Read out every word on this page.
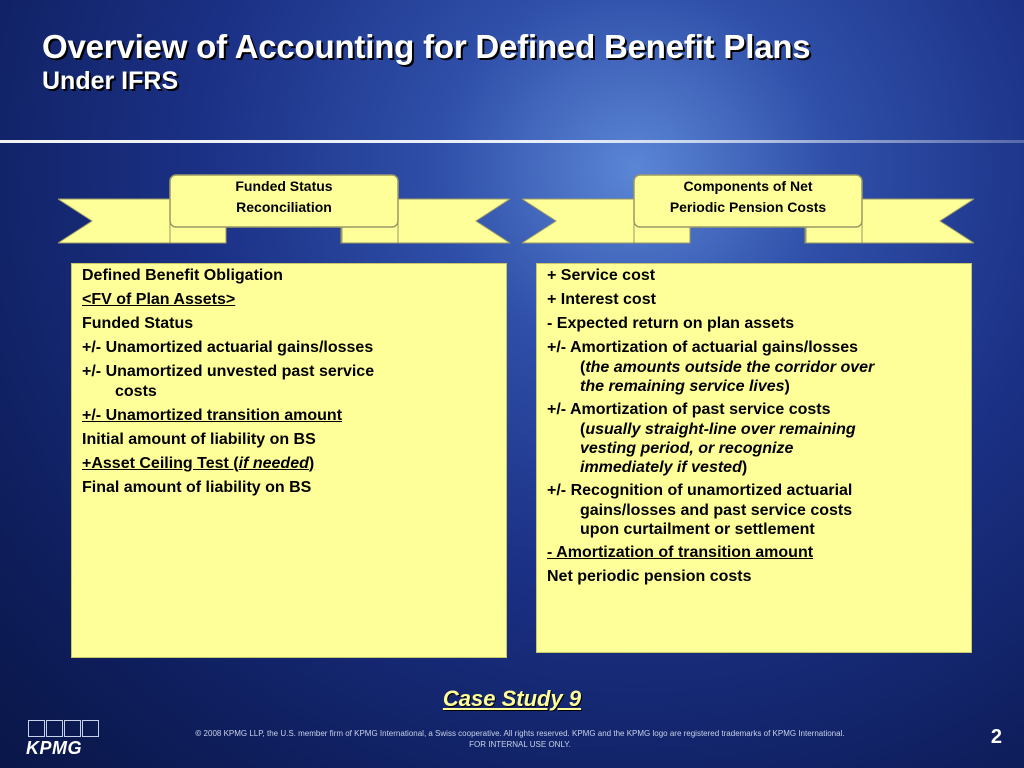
Overview of Accounting for Defined Benefit Plans
Under IFRS
Funded Status
Reconciliation
Components of Net
Periodic Pension Costs
Defined Benefit Obligation
<FV of Plan Assets>
Funded Status
+/- Unamortized actuarial gains/losses
+/- Unamortized unvested past service
costs
+/- Unamortized transition amount
Initial amount of liability on BS
+Asset Ceiling Test (if needed)
Final amount of liability on BS
+ Service cost
+ Interest cost
- Expected return on plan assets
+/- Amortization of actuarial gains/losses
(the amounts outside the corridor over
the remaining service lives)
+/- Amortization of past service costs
(usually straight-line over remaining
vesting period, or recognize
immediately if vested)
+/- Recognition of unamortized actuarial
gains/losses and past service costs
upon curtailment or settlement
- Amortization of transition amount
Net periodic pension costs
Case Study 9
KPMG
© 2008 KPMG LLP, the U.S. member firm of KPMG International, a Swiss cooperative. All rights reserved. KPMG and the KPMG logo are registered trademarks of KPMG International.
FOR INTERNAL USE ONLY.	2
